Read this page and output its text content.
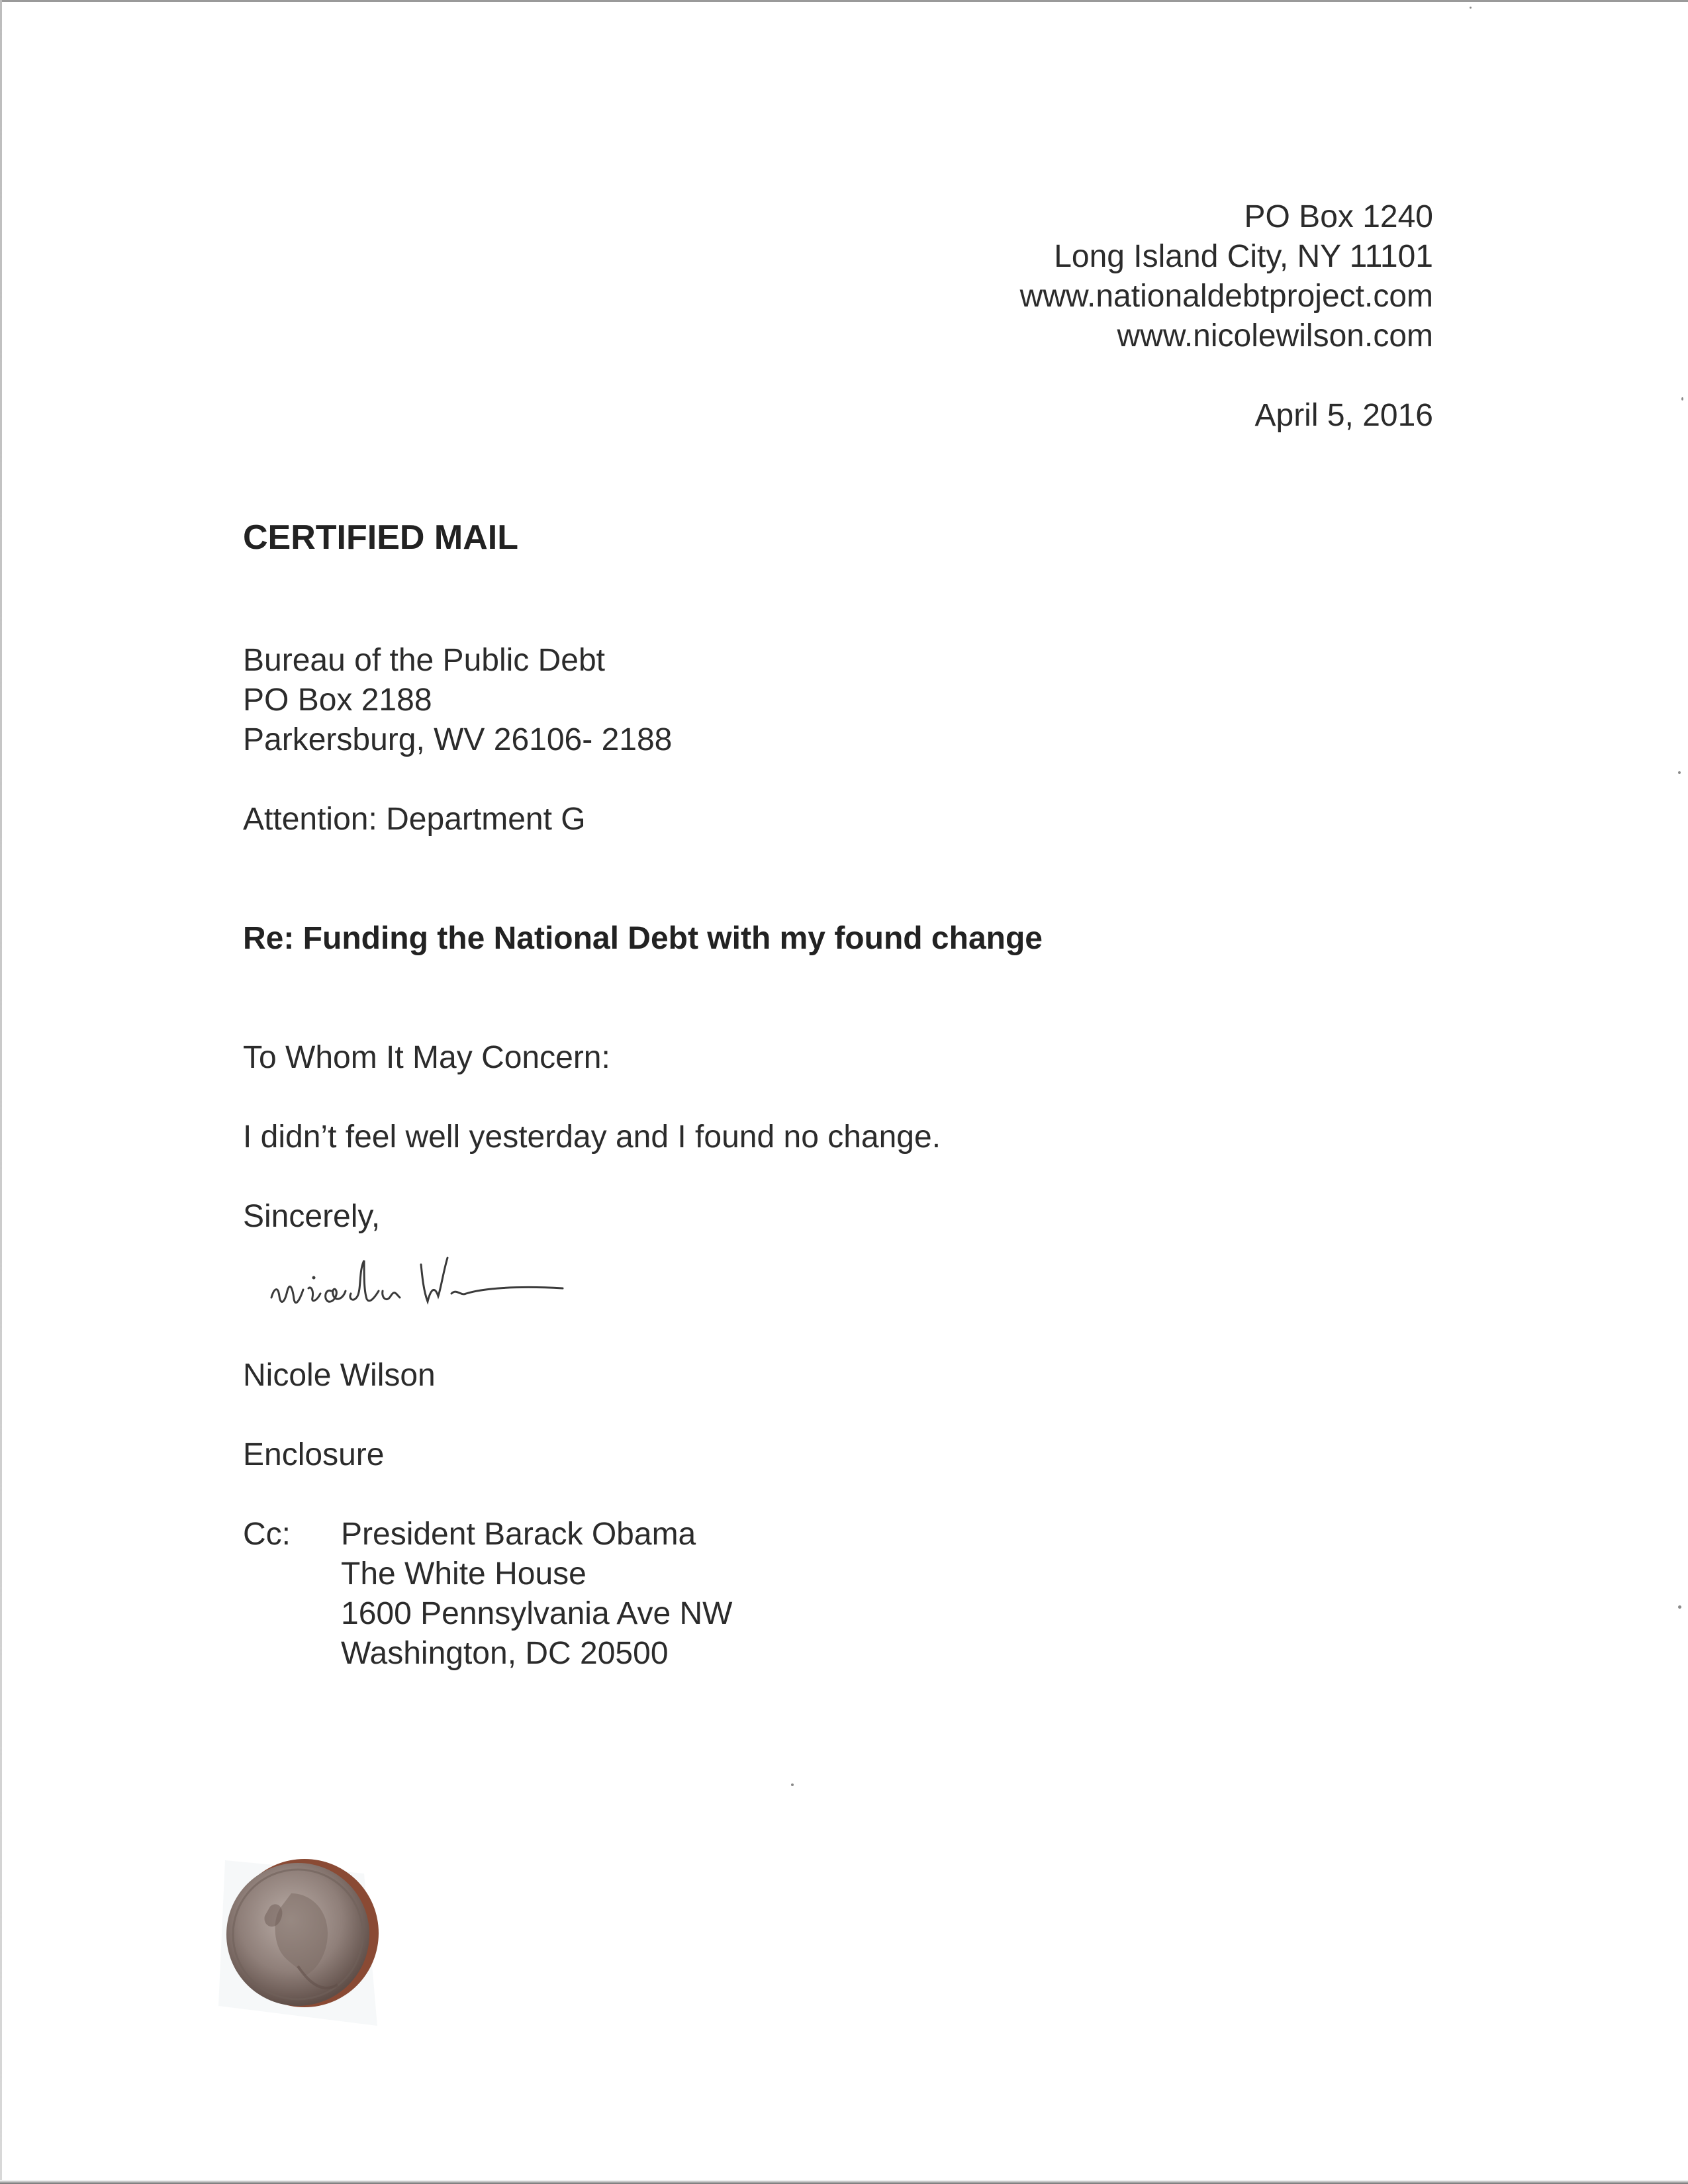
PO Box 1240
Long Island City, NY 11101
www.nationaldebtproject.com
www.nicolewilson.com
April 5, 2016
CERTIFIED MAIL
Bureau of the Public Debt
PO Box 2188
Parkersburg, WV 26106- 2188
Attention: Department G
Re: Funding the National Debt with my found change
To Whom It May Concern:
I didn’t feel well yesterday and I found no change.
Sincerely,
Nicole Wilson
Enclosure
Cc: President Barack Obama
The White House
1600 Pennsylvania Ave NW
Washington, DC 20500
